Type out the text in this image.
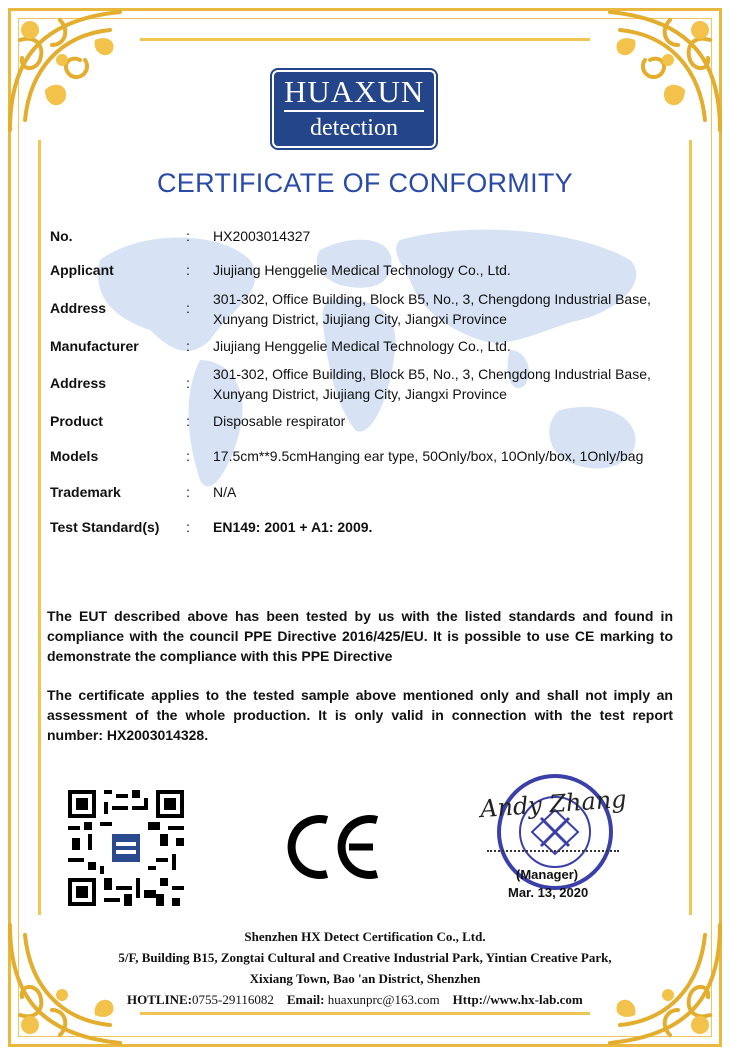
HUAXUN
detection
CERTIFICATE OF CONFORMITY
No.	: HX2003014327
Applicant	: Jiujiang Henggelie Medical Technology Co., Ltd.
Address	:
301-302, Office Building, Block B5, No., 3, Chengdong Industrial Base, Xunyang District, Jiujiang City, Jiangxi Province
Manufacturer	: Jiujiang Henggelie Medical Technology Co., Ltd.
Address	:
301-302, Office Building, Block B5, No., 3, Chengdong Industrial Base, Xunyang District, Jiujiang City, Jiangxi Province
Product	: Disposable respirator
Models	: 17.5cm**9.5cmHanging ear type, 50Only/box, 10Only/box, 1Only/bag
Trademark	: N/A
Test Standard(s) : EN149: 2001 + A1: 2009.
The EUT described above has been tested by us with the listed standards and found in compliance with the council PPE Directive 2016/425/EU. It is possible to use CE marking to demonstrate the compliance with this PPE Directive
The certificate applies to the tested sample above mentioned only and shall not imply an assessment of the whole production. It is only valid in connection with the test report number: HX2003014328.
Andy Zhang
(Manager)
Mar. 13, 2020
Shenzhen HX Detect Certification Co., Ltd.
5/F, Building B15, Zongtai Cultural and Creative Industrial Park, Yintian Creative Park,
Xixiang Town, Bao 'an District, Shenzhen
HOTLINE:0755-29116082 Email: huaxunprc@163.com Http://www.hx-lab.com
